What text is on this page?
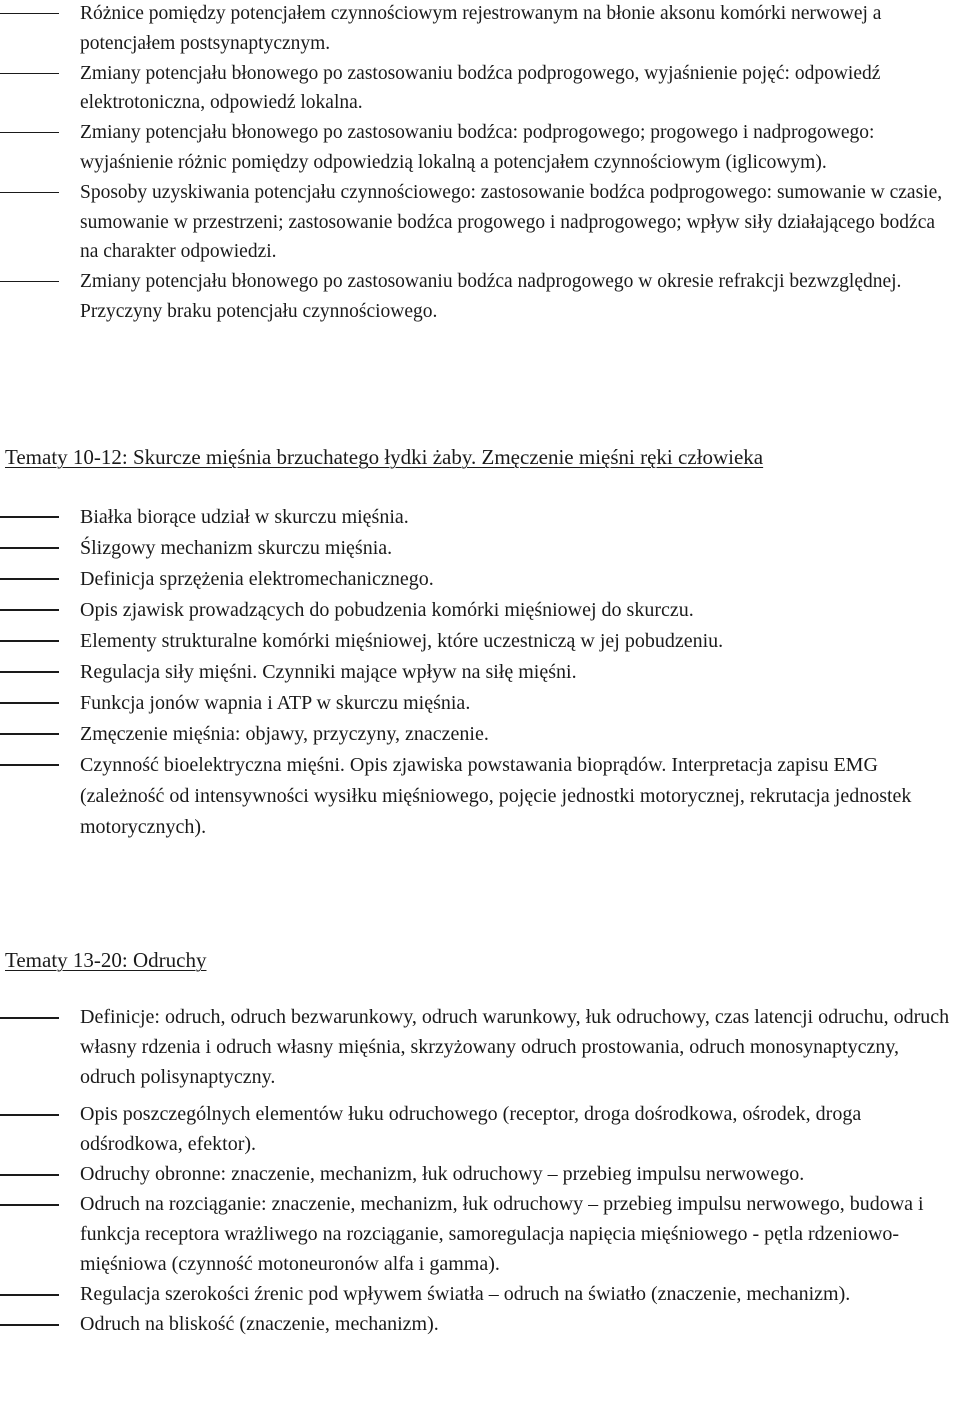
Różnice pomiędzy potencjałem czynnościowym rejestrowanym na błonie aksonu komórki nerwowej a potencjałem postsynaptycznym.
Zmiany potencjału błonowego po zastosowaniu bodźca podprogowego, wyjaśnienie pojęć: odpowiedź elektrotoniczna, odpowiedź lokalna.
Zmiany potencjału błonowego po zastosowaniu bodźca: podprogowego; progowego i nadprogowego: wyjaśnienie różnic pomiędzy odpowiedzią lokalną a potencjałem czynnościowym (iglicowym).
Sposoby uzyskiwania potencjału czynnościowego: zastosowanie bodźca podprogowego: sumowanie w czasie, sumowanie w przestrzeni; zastosowanie bodźca progowego i nadprogowego; wpływ siły działającego bodźca na charakter odpowiedzi.
Zmiany potencjału błonowego po zastosowaniu bodźca nadprogowego w okresie refrakcji bezwzględnej. Przyczyny braku potencjału czynnościowego.
Tematy 10-12: Skurcze mięśnia brzuchatego łydki żaby. Zmęczenie mięśni ręki człowieka
Białka biorące udział w skurczu mięśnia.
Ślizgowy mechanizm skurczu mięśnia.
Definicja sprzężenia elektromechanicznego.
Opis zjawisk prowadzących do pobudzenia komórki mięśniowej do skurczu.
Elementy strukturalne komórki mięśniowej, które uczestniczą w jej pobudzeniu.
Regulacja siły mięśni. Czynniki mające wpływ na siłę mięśni.
Funkcja jonów wapnia i ATP w skurczu mięśnia.
Zmęczenie mięśnia: objawy, przyczyny, znaczenie.
Czynność bioelektryczna mięśni. Opis zjawiska powstawania bioprądów. Interpretacja zapisu EMG (zależność od intensywności wysiłku mięśniowego, pojęcie jednostki motorycznej, rekrutacja jednostek motorycznych).
Tematy 13-20: Odruchy
Definicje: odruch, odruch bezwarunkowy, odruch warunkowy, łuk odruchowy, czas latencji odruchu, odruch własny rdzenia i odruch własny mięśnia, skrzyżowany odruch prostowania, odruch monosynaptyczny, odruch polisynaptyczny.
Opis poszczególnych elementów łuku odruchowego (receptor, droga dośrodkowa, ośrodek, droga odśrodkowa, efektor).
Odruchy obronne: znaczenie, mechanizm, łuk odruchowy – przebieg impulsu nerwowego.
Odruch na rozciąganie: znaczenie, mechanizm, łuk odruchowy – przebieg impulsu nerwowego, budowa i funkcja receptora wrażliwego na rozciąganie, samoregulacja napięcia mięśniowego - pętla rdzeniowo-mięśniowa (czynność motoneuronów alfa i gamma).
Regulacja szerokości źrenic pod wpływem światła – odruch na światło (znaczenie, mechanizm).
Odruch na bliskość (znaczenie, mechanizm).
